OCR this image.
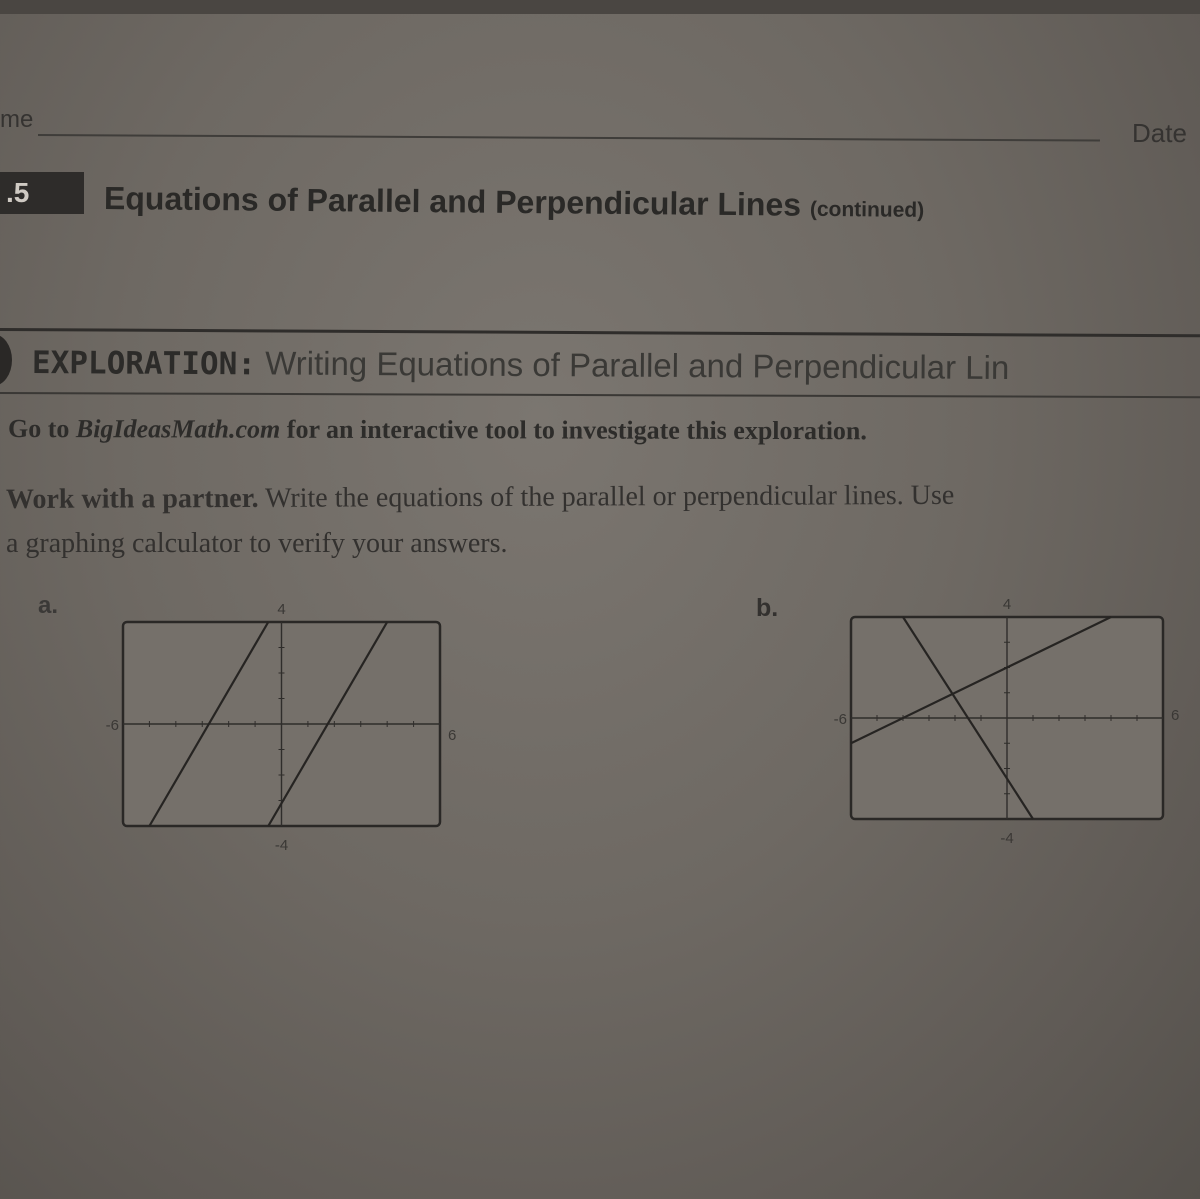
me	Date
.5	Equations of Parallel and Perpendicular Lines (continued)
EXPLORATION: Writing Equations of Parallel and Perpendicular Lin
Go to BigIdeasMath.com for an interactive tool to investigate this exploration.
Work with a partner. Write the equations of the parallel or perpendicular lines. Use
a graphing calculator to verify your answers.
a.	b.
4
-4
-6
6
4
-4
-6	6
